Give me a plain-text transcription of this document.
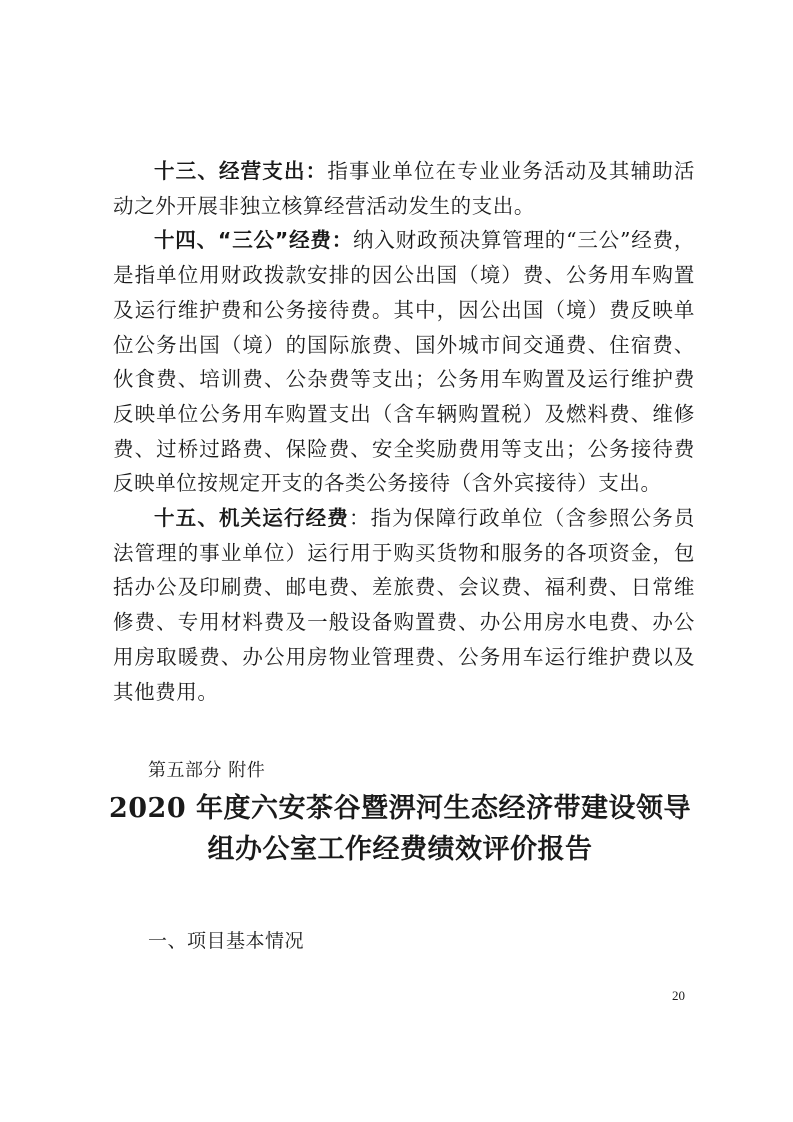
十三、经营支出：指事业单位在专业业务活动及其辅助活动之外开展非独立核算经营活动发生的支出。

十四、“三公”经费：纳入财政预决算管理的“三公”经费，是指单位用财政拨款安排的因公出国（境）费、公务用车购置及运行维护费和公务接待费。其中，因公出国（境）费反映单位公务出国（境）的国际旅费、国外城市间交通费、住宿费、伙食费、培训费、公杂费等支出；公务用车购置及运行维护费反映单位公务用车购置支出（含车辆购置税）及燃料费、维修费、过桥过路费、保险费、安全奖励费用等支出；公务接待费反映单位按规定开支的各类公务接待（含外宾接待）支出。

十五、机关运行经费：指为保障行政单位（含参照公务员法管理的事业单位）运行用于购买货物和服务的各项资金，包括办公及印刷费、邮电费、差旅费、会议费、福利费、日常维修费、专用材料费及一般设备购置费、办公用房水电费、办公用房取暖费、办公用房物业管理费、公务用车运行维护费以及其他费用。

第五部分 附件
2020 年度六安茶谷暨淠河生态经济带建设领导
组办公室工作经费绩效评价报告
一、项目基本情况
20
